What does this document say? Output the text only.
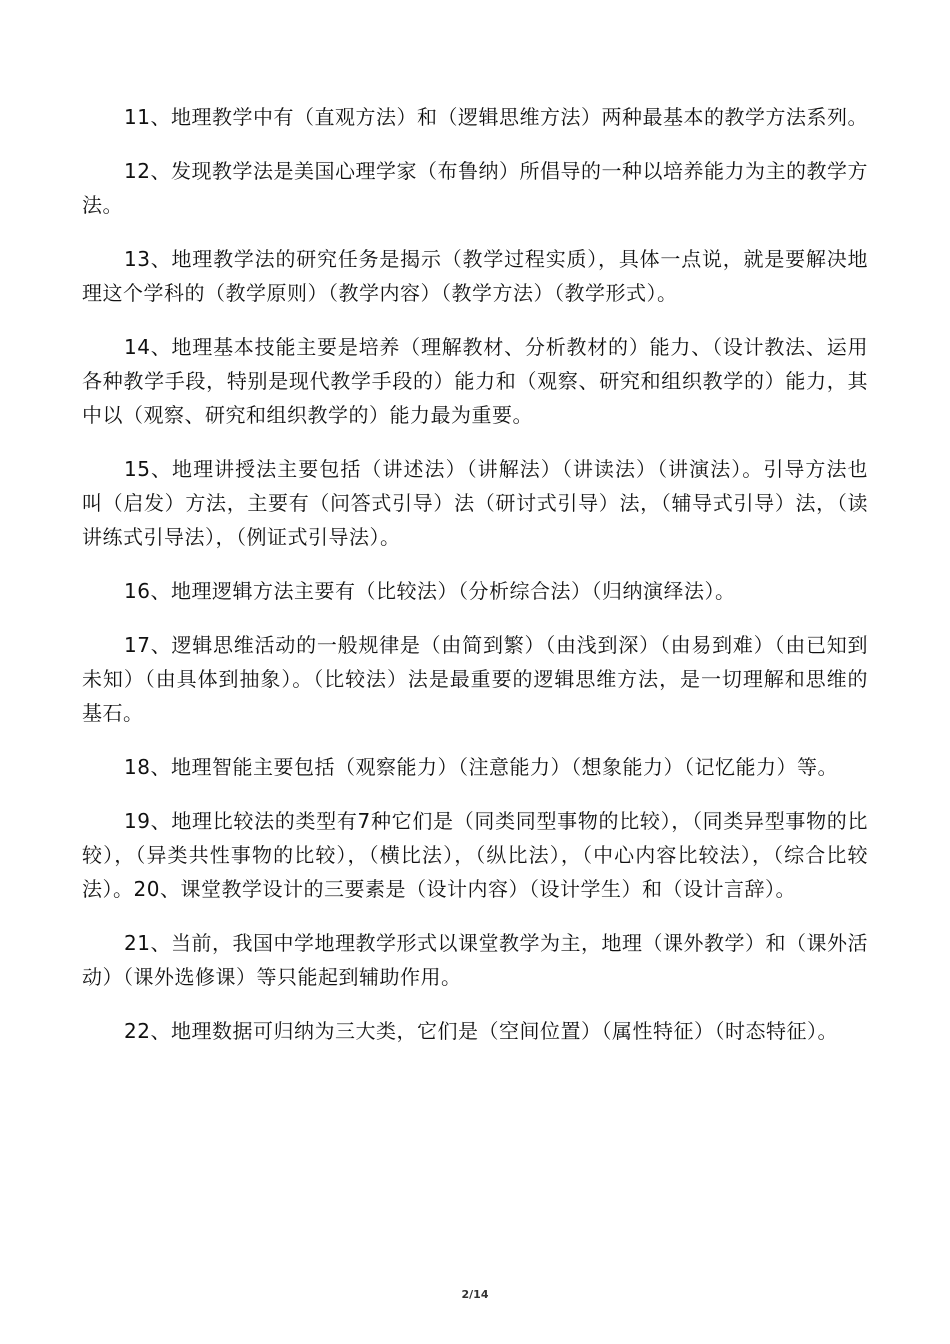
11、地理教学中有（直观方法）和（逻辑思维方法）两种最基本的教学方法系列。

12、发现教学法是美国心理学家（布鲁纳）所倡导的一种以培养能力为主的教学方法。

13、地理教学法的研究任务是揭示（教学过程实质），具体一点说，就是要解决地理这个学科的（教学原则）（教学内容）（教学方法）（教学形式）。

14、地理基本技能主要是培养（理解教材、分析教材的）能力、（设计教法、运用各种教学手段，特别是现代教学手段的）能力和（观察、研究和组织教学的）能力，其中以（观察、研究和组织教学的）能力最为重要。

15、地理讲授法主要包括（讲述法）（讲解法）（讲读法）（讲演法）。引导方法也叫（启发）方法，主要有（问答式引导）法（研讨式引导）法，（辅导式引导）法，（读讲练式引导法），（例证式引导法）。

16、地理逻辑方法主要有（比较法）（分析综合法）（归纳演绎法）。

17、逻辑思维活动的一般规律是（由简到繁）（由浅到深）（由易到难）（由已知到未知）（由具体到抽象）。（比较法）法是最重要的逻辑思维方法，是一切理解和思维的基石。

18、地理智能主要包括（观察能力）（注意能力）（想象能力）（记忆能力）等。

19、地理比较法的类型有7种它们是（同类同型事物的比较），（同类异型事物的比较），（异类共性事物的比较），（横比法），（纵比法），（中心内容比较法），（综合比较法）。20、课堂教学设计的三要素是（设计内容）（设计学生）和（设计言辞）。

21、当前，我国中学地理教学形式以课堂教学为主，地理（课外教学）和（课外活动）（课外选修课）等只能起到辅助作用。

22、地理数据可归纳为三大类，它们是（空间位置）（属性特征）（时态特征）。

2/14
